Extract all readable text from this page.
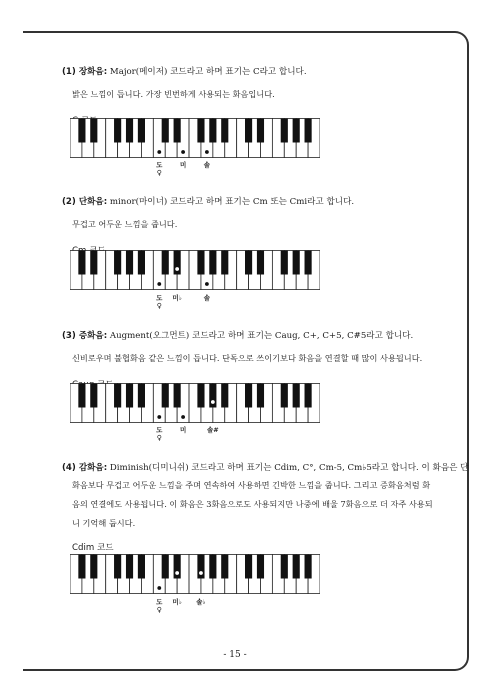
(1) 장화음: Major(메이저) 코드라고 하며 표기는 C라고 합니다.
밝은 느낌이 듭니다. 가장 빈번하게 사용되는 화음입니다.
도	미	솔
♀
(2) 단화음: minor(마이너) 코드라고 하며 표기는 Cm 또는 Cmi라고 합니다.
무겁고 어두운 느낌을 줍니다.
도 미♭	솔
♀
(3) 증화음: Augment(오그먼트) 코드라고 하며 표기는 Caug, C+, C+5, C#5라고 합니다.
신비로우며 불협화음 같은 느낌이 듭니다. 단독으로 쓰이기보다 화음을 연결할 때 많이 사용됩니다.
도	미	솔#
♀
(4) 감화음: Diminish(디미니쉬) 코드라고 하며 표기는 Cdim, C°, Cm-5, Cm♭5라고 합니다. 이 화음은 단
화음보다 무겁고 어두운 느낌을 주며 연속하여 사용하면 긴박한 느낌을 줍니다. 그리고 증화음처럼 화
음의 연결에도 사용됩니다. 이 화음은 3화음으로도 사용되지만 나중에 배울 7화음으로 더 자주 사용되
니 기억해 둡시다.
Cdim 코드
도 미♭ 솔♭
♀
- 15 -
